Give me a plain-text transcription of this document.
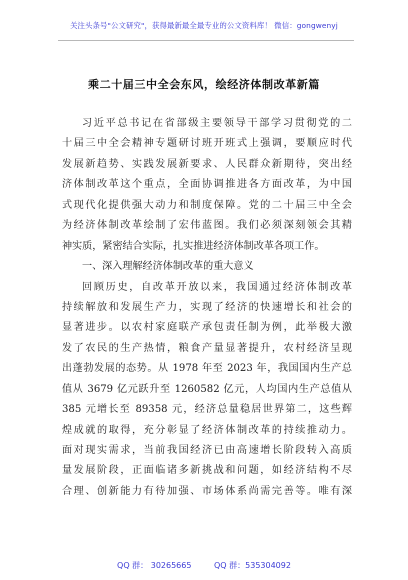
关注头条号"公文研究"，获得最新最全最专业的公文资料库！ 微信：gongwenyj
乘二十届三中全会东风，绘经济体制改革新篇
习近平总书记在省部级主要领导干部学习贯彻党的二
十届三中全会精神专题研讨班开班式上强调，要顺应时代
发展新趋势、实践发展新要求、人民群众新期待，突出经
济体制改革这个重点，全面协调推进各方面改革，为中国
式现代化提供强大动力和制度保障。党的二十届三中全会
为经济体制改革绘制了宏伟蓝图。我们必须深刻领会其精
神实质，紧密结合实际，扎实推进经济体制改革各项工作。
一、深入理解经济体制改革的重大意义
回顾历史，自改革开放以来，我国通过经济体制改革
持续解放和发展生产力，实现了经济的快速增长和社会的
显著进步。以农村家庭联产承包责任制为例，此举极大激
发了农民的生产热情，粮食产量显著提升，农村经济呈现
出蓬勃发展的态势。从 1978 年至 2023 年，我国国内生产总
值从 3679 亿元跃升至 1260582 亿元，人均国内生产总值从
385 元增长至 89358 元，经济总量稳居世界第二，这些辉
煌成就的取得，充分彰显了经济体制改革的持续推动力。
面对现实需求，当前我国经济已由高速增长阶段转入高质
量发展阶段，正面临诸多新挑战和问题，如经济结构不尽
合理、创新能力有待加强、市场体系尚需完善等。唯有深
QQ 群： 30265665	QQ 群：535304092
